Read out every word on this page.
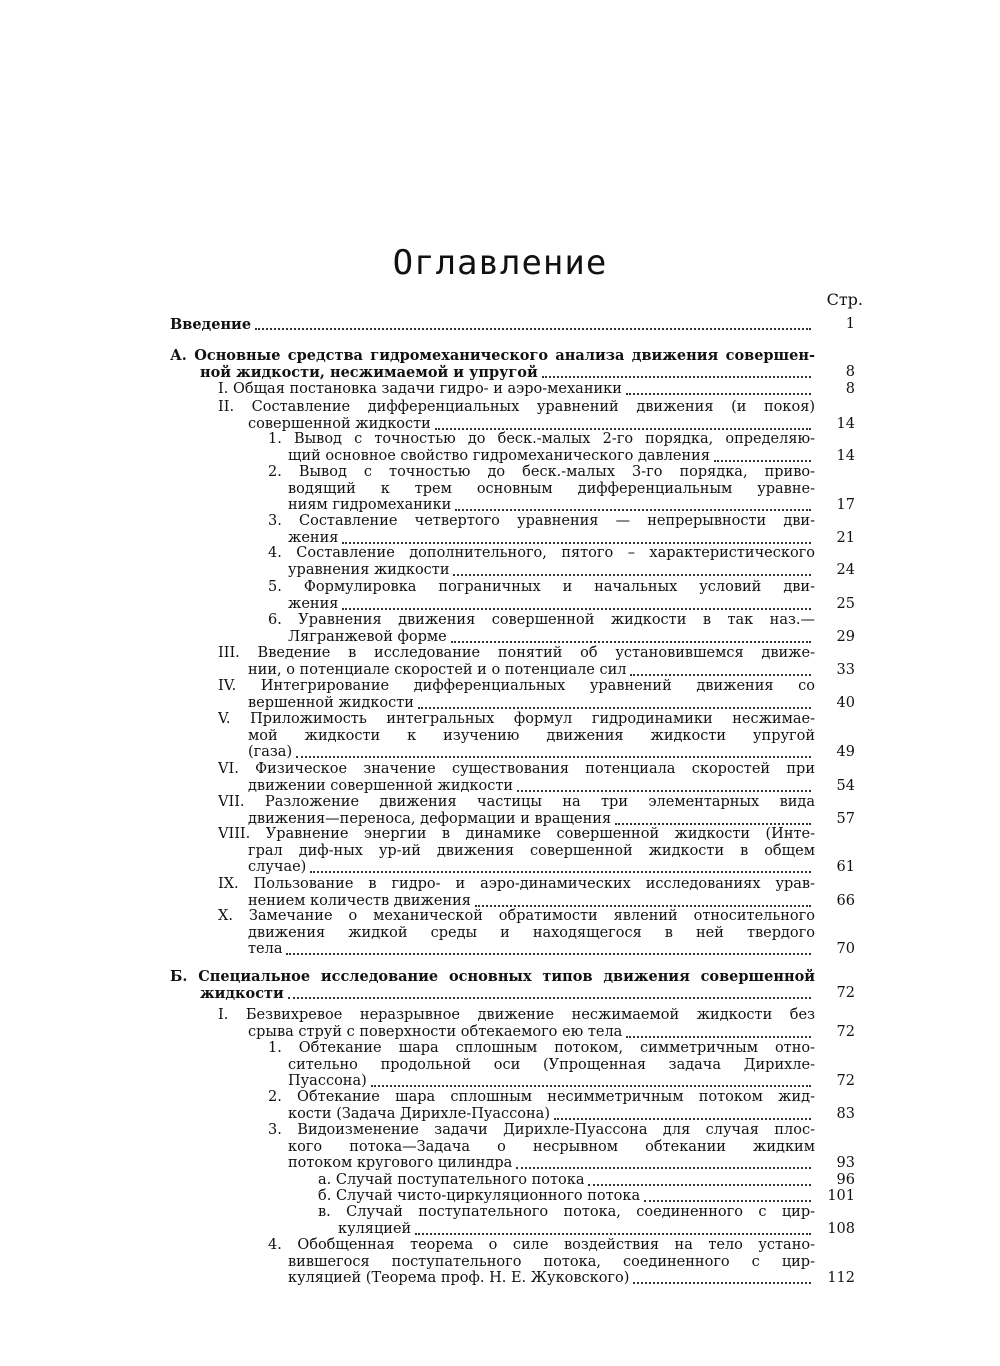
Оглавление
Стр.
Введение	1
А. Основные средства гидромеханического анализа движения совершен-
ной жидкости, несжимаемой и упругой	8
I. Общая постановка задачи гидро- и аэро-механики	8
II. Составление дифференциальных уравнений движения (и покоя)
совершенной жидкости	14
1. Вывод с точностью до беск.-малых 2-го порядка, определяю-
щий основное свойство гидромеханического давления	14
2. Вывод с точностью до беск.-малых 3-го порядка, приво-
водящий к трем основным дифференциальным уравне-
ниям гидромеханики	17
3. Составление четвертого уравнения — непрерывности дви-
жения	21
4. Составление дополнительного, пятого – характеристического
уравнения жидкости	24
5. Формулировка пограничных и начальных условий дви-
жения	25
6. Уравнения движения совершенной жидкости в так наз.—
Лягранжевой форме	29
III. Введение в исследование понятий об установившемся движе-
нии, о потенциале скоростей и о потенциале сил	33
IV. Интегрирование дифференциальных уравнений движения со
вершенной жидкости	40
V. Приложимость интегральных формул гидродинамики несжимае-
мой жидкости к изучению движения жидкости упругой
(газа)	49
VI. Физическое значение существования потенциала скоростей при
движении совершенной жидкости	54
VII. Разложение движения частицы на три элементарных вида
движения—переноса, деформации и вращения	57
VIII. Уравнение энергии в динамике совершенной жидкости (Инте-
грал диф-ных ур-ий движения совершенной жидкости в общем
случае)	61
IX. Пользование в гидро- и аэро-динамических исследованиях урав-
нением количеств движения	66
X. Замечание о механической обратимости явлений относительного
движения жидкой среды и находящегося в ней твердого
тела	70
Б. Специальное исследование основных типов движения совершенной
жидкости	72
I. Безвихревое неразрывное движение несжимаемой жидкости без
срыва струй с поверхности обтекаемого ею тела	72
1. Обтекание шара сплошным потоком, симметричным отно-
сительно продольной оси (Упрощенная задача Дирихле-
Пуассона)	72
2. Обтекание шара сплошным несимметричным потоком жид-
кости (Задача Дирихле-Пуассона)	83
3. Видоизменение задачи Дирихле-Пуассона для случая плос-
кого потока—Задача о несрывном обтекании жидким
потоком кругового цилиндра	93
а. Случай поступательного потока	96
б. Случай чисто-циркуляционного потока	101
в. Случай поступательного потока, соединенного с цир-
куляцией	108
4. Обобщенная теорема о силе воздействия на тело устано-
вившегося поступательного потока, соединенного с цир-
куляцией (Теорема проф. Н. Е. Жуковского)	112
